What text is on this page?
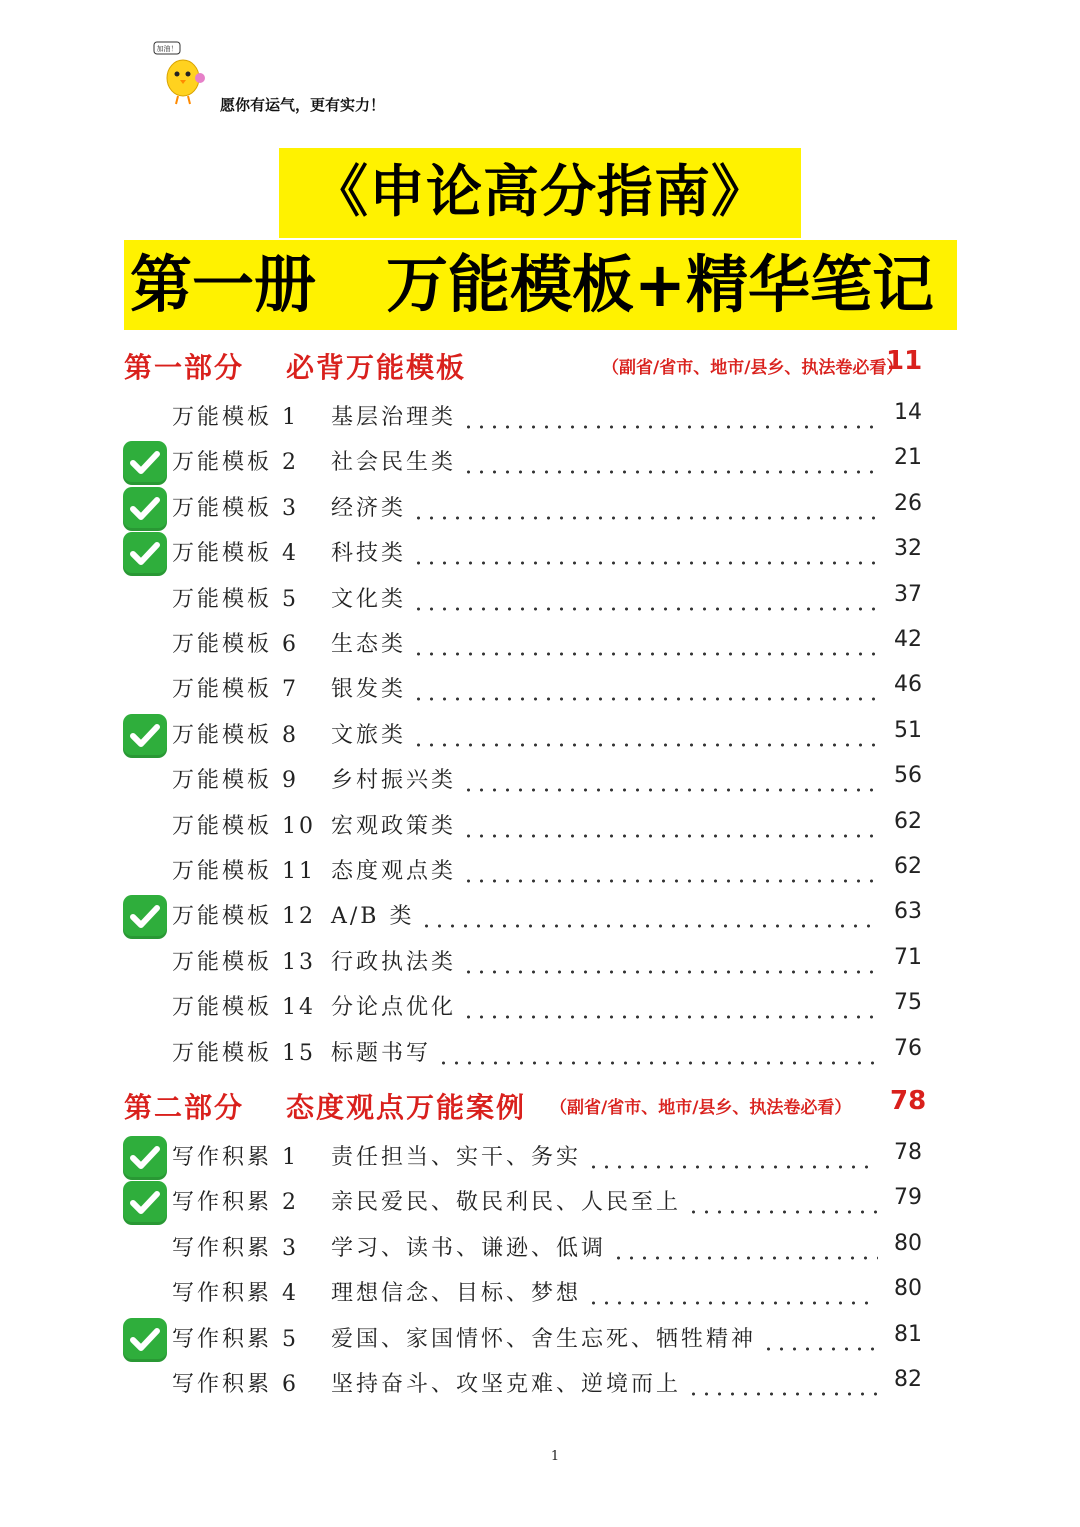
加油！
愿你有运气，更有实力！
《申论高分指南》
第一册 万能模板+精华笔记
第一部分 必背万能模板	（副省/省市、地市/县乡、执法卷必看）
11
万能模板 1 基层治理类	14
万能模板 2 社会民生类	21
万能模板 3 经济类	26
万能模板 4 科技类	32
万能模板 5 文化类	37
万能模板 6 生态类	42
万能模板 7 银发类	46
万能模板 8 文旅类	51
万能模板 9 乡村振兴类	56
万能模板 10 宏观政策类	62
万能模板 11 态度观点类	62
万能模板 12 A/B 类	63
万能模板 13 行政执法类	71
万能模板 14 分论点优化	75
万能模板 15 标题书写	76
第二部分 态度观点万能案例 （副省/省市、地市/县乡、执法卷必看） 78
写作积累 1 责任担当、实干、务实	78
写作积累 2 亲民爱民、敬民利民、人民至上	79
写作积累 3 学习、读书、谦逊、低调	80
写作积累 4 理想信念、目标、梦想	80
写作积累 5 爱国、家国情怀、舍生忘死、牺牲精神	81
写作积累 6 坚持奋斗、攻坚克难、逆境而上	82
1
